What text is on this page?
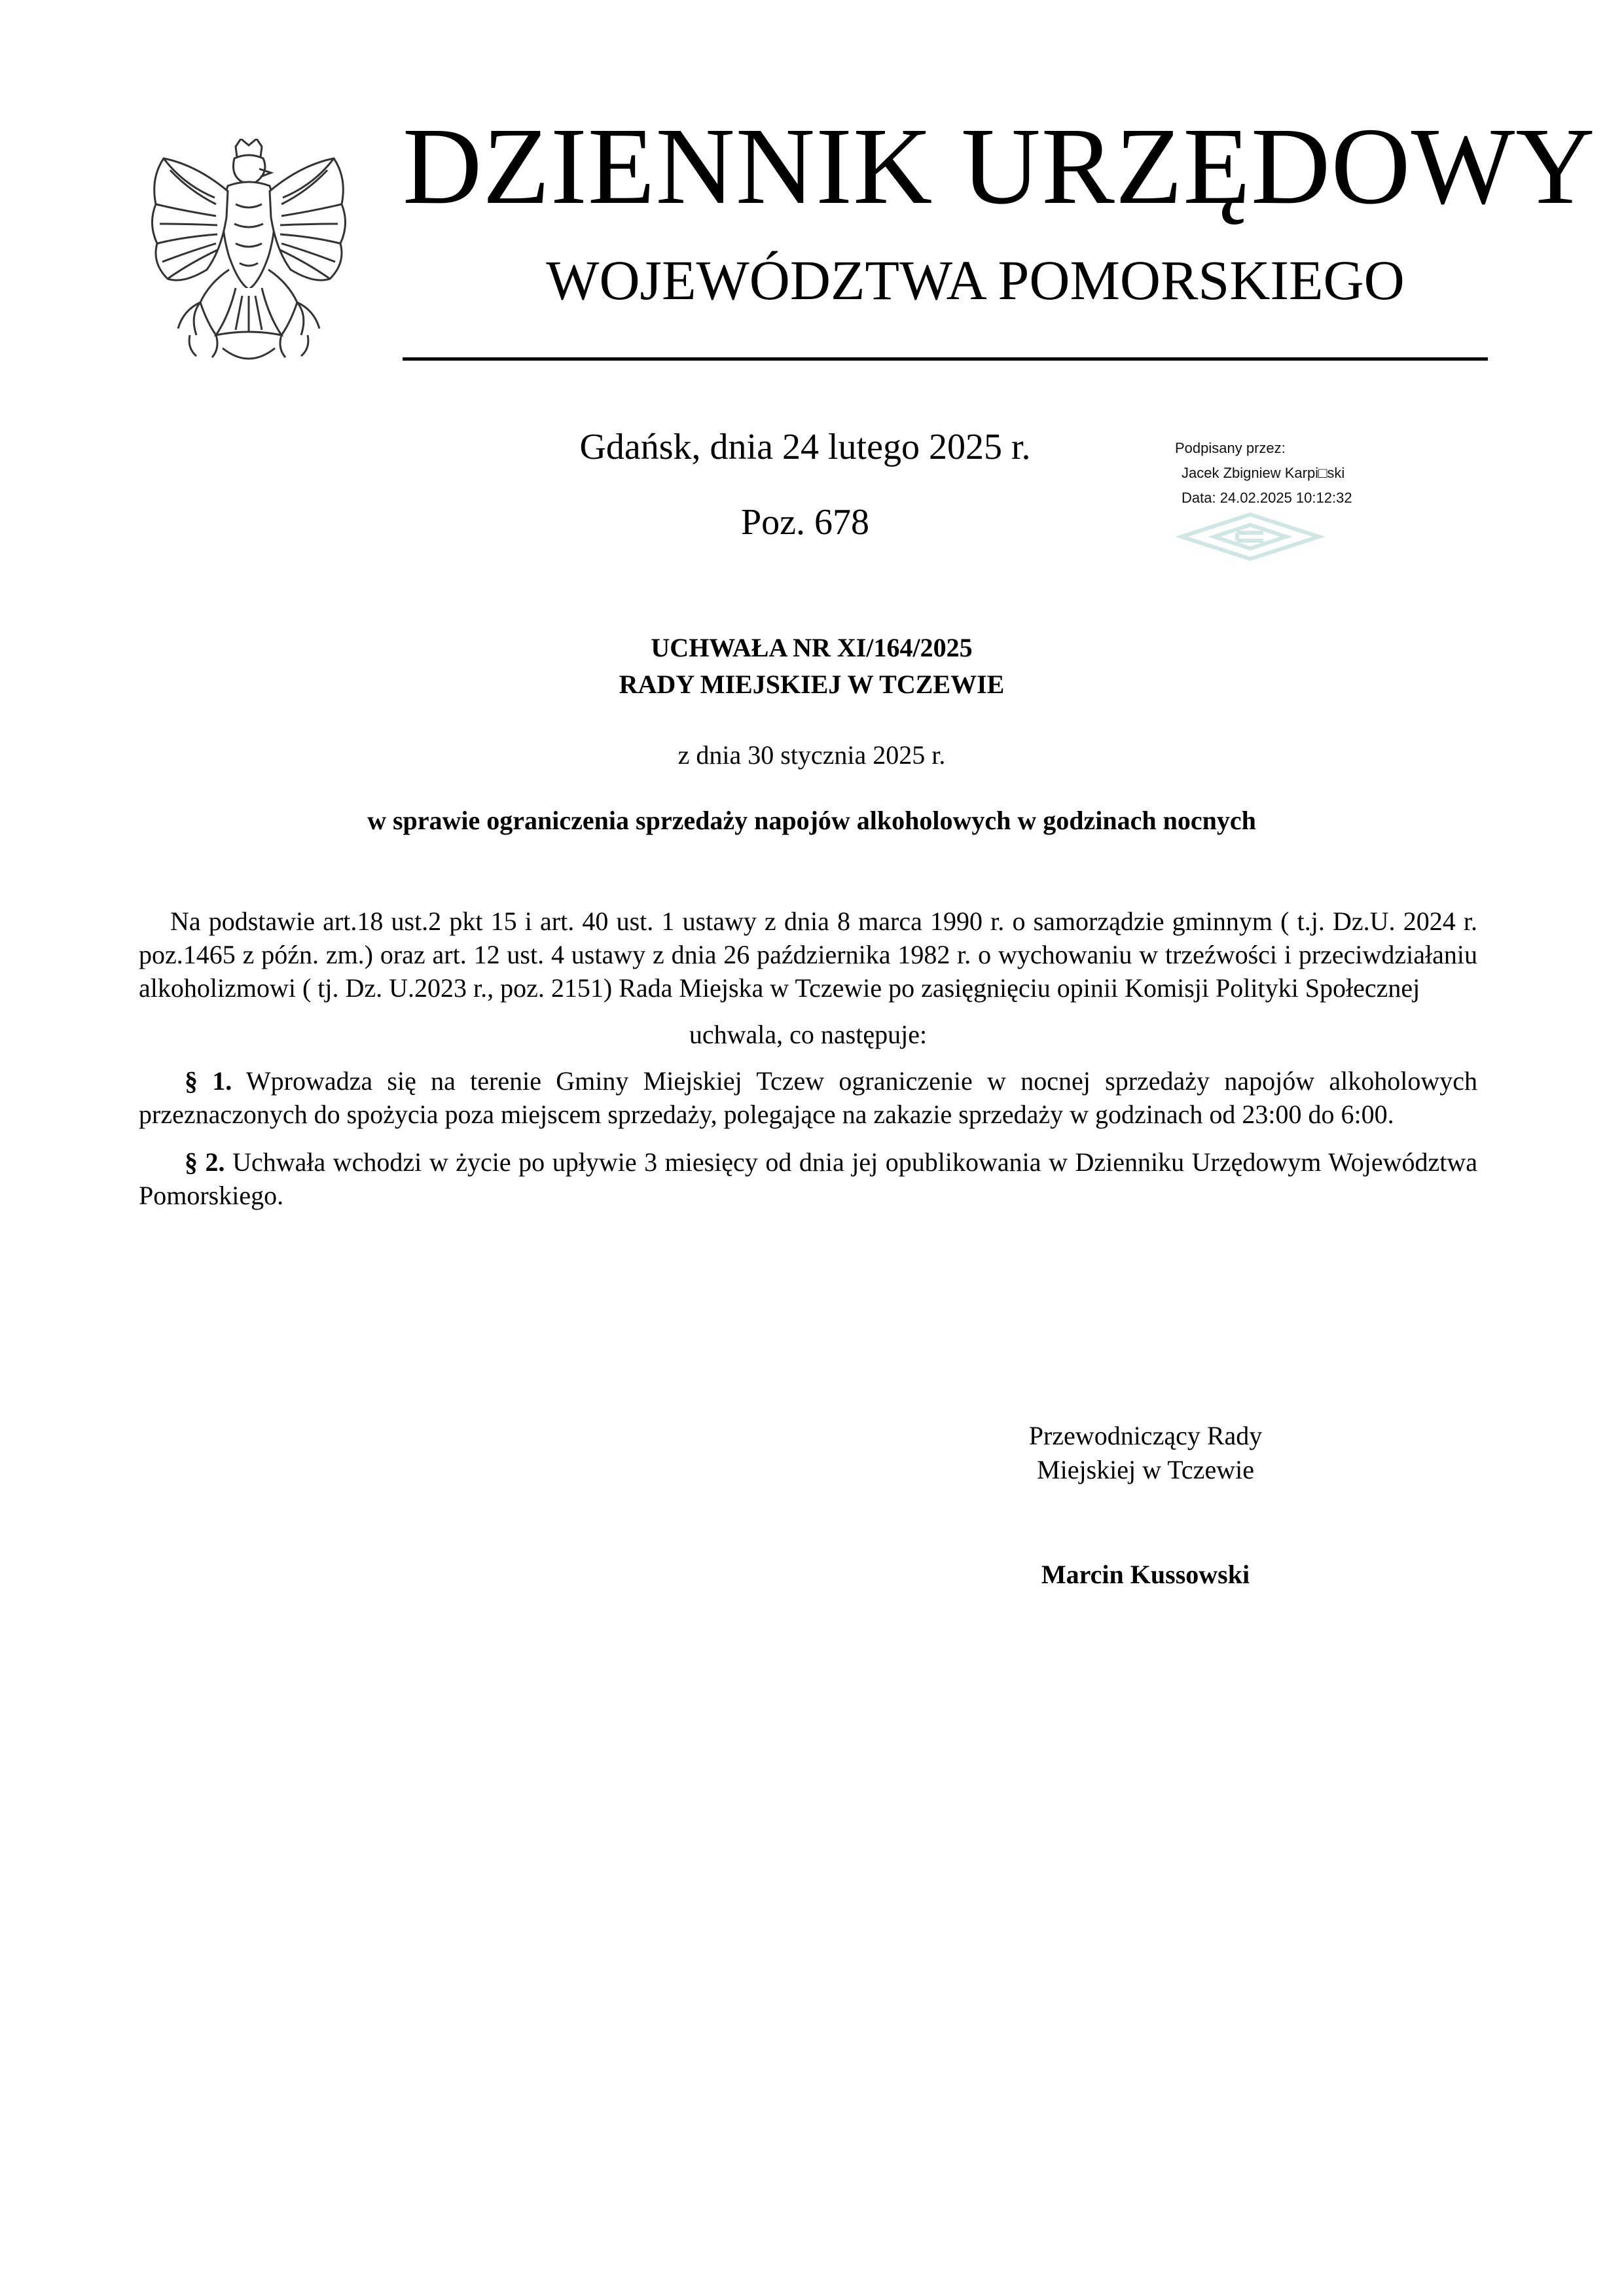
DZIENNIK URZĘDOWY
WOJEWÓDZTWA POMORSKIEGO
Gdańsk, dnia 24 lutego 2025 r.
Poz. 678
Podpisany przez:
Jacek Zbigniew Karpi□ski
Data: 24.02.2025 10:12:32
UCHWAŁA NR XI/164/2025
RADY MIEJSKIEJ W TCZEWIE
z dnia 30 stycznia 2025 r.
w sprawie ograniczenia sprzedaży napojów alkoholowych w godzinach nocnych

Na podstawie art.18 ust.2 pkt 15 i art. 40 ust. 1 ustawy z dnia 8 marca 1990 r. o samorządzie gminnym ( t.j. Dz.U. 2024 r. poz.1465 z późn. zm.) oraz art. 12 ust. 4 ustawy z dnia 26 października 1982 r. o wychowaniu w trzeźwości i przeciwdziałaniu alkoholizmowi ( tj. Dz. U.2023 r., poz. 2151) Rada Miejska w Tczewie po zasięgnięciu opinii Komisji Polityki Społecznej

uchwala, co następuje:

§ 1. Wprowadza się na terenie Gminy Miejskiej Tczew ograniczenie w nocnej sprzedaży napojów alkoholowych przeznaczonych do spożycia poza miejscem sprzedaży, polegające na zakazie sprzedaży w godzinach od 23:00 do 6:00.

§ 2. Uchwała wchodzi w życie po upływie 3 miesięcy od dnia jej opublikowania w Dzienniku Urzędowym Województwa Pomorskiego.

Przewodniczący Rady
Miejskiej w Tczewie
Marcin Kussowski
